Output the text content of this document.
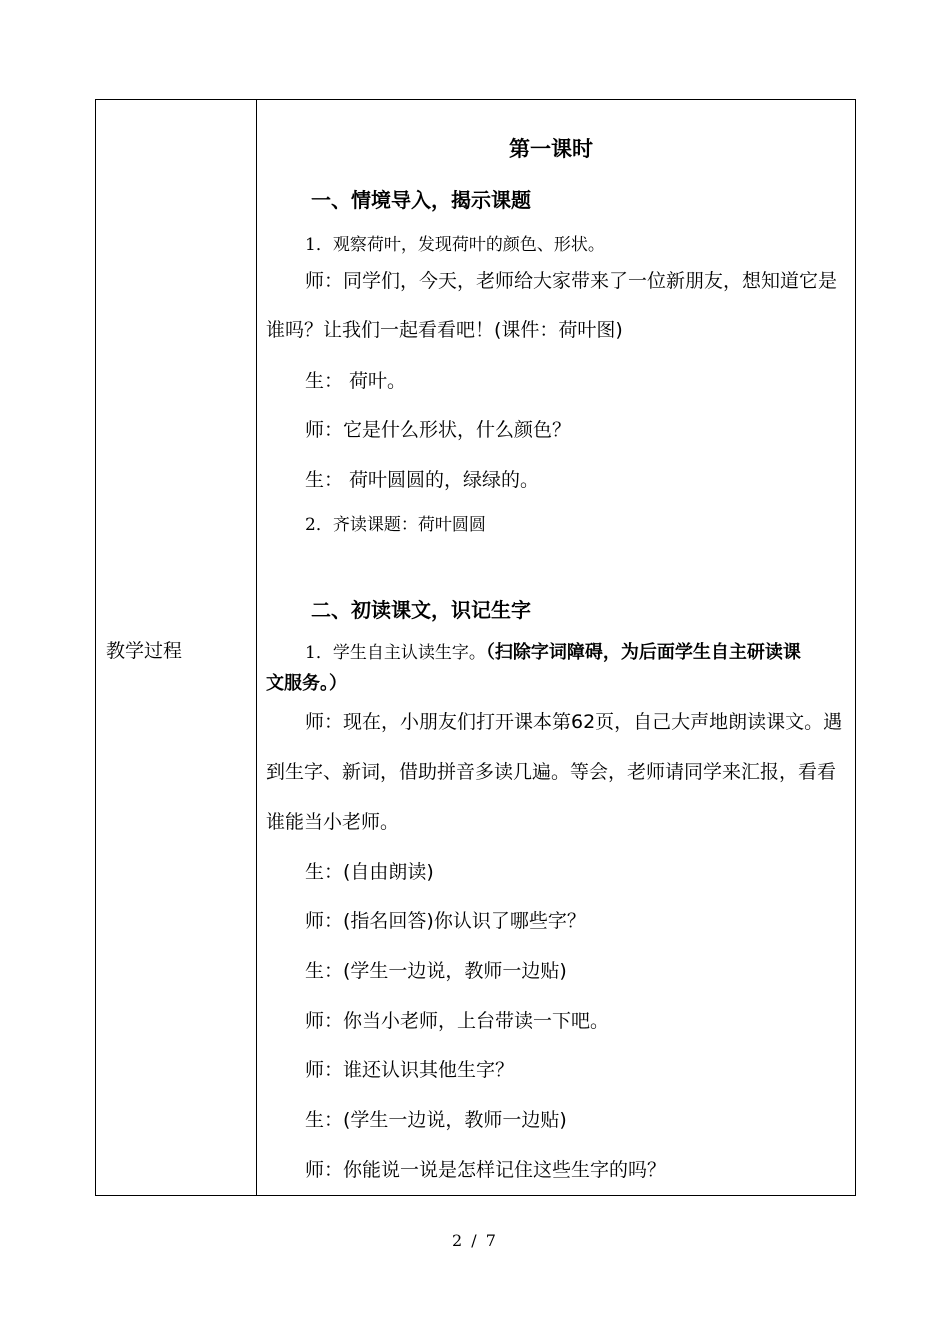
教学过程
第一课时
一、情境导入，揭示课题
1．观察荷叶，发现荷叶的颜色、形状。
师：同学们，今天，老师给大家带来了一位新朋友，想知道它是
谁吗？让我们一起看看吧！(课件：荷叶图)
生： 荷叶。
师：它是什么形状，什么颜色？
生： 荷叶圆圆的，绿绿的。
2．齐读课题：荷叶圆圆
二、初读课文，识记生字
1．学生自主认读生字。（扫除字词障碍，为后面学生自主研读课
文服务。）
师：现在，小朋友们打开课本第62页，自己大声地朗读课文。遇
到生字、新词，借助拼音多读几遍。等会，老师请同学来汇报，看看
谁能当小老师。
生：(自由朗读)
师：(指名回答)你认识了哪些字？
生：(学生一边说，教师一边贴)
师：你当小老师，上台带读一下吧。
师：谁还认识其他生字？
生：(学生一边说，教师一边贴)
师：你能说一说是怎样记住这些生字的吗？
2 / 7
